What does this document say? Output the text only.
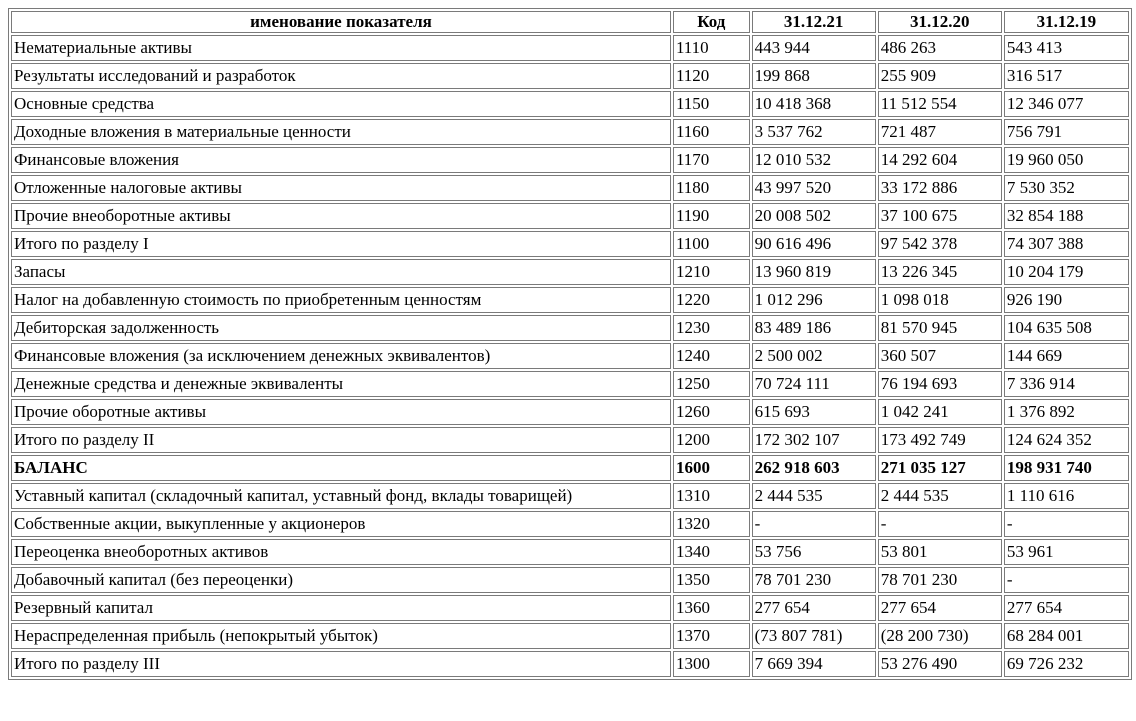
именование показателя	Код	31.12.21	31.12.20	31.12.19
Нематериальные активы	1110	443 944	486 263	543 413
Результаты исследований и разработок	1120	199 868	255 909	316 517
Основные средства	1150	10 418 368	11 512 554	12 346 077
Доходные вложения в материальные ценности	1160	3 537 762	721 487	756 791
Финансовые вложения	1170	12 010 532	14 292 604	19 960 050
Отложенные налоговые активы	1180	43 997 520	33 172 886	7 530 352
Прочие внеоборотные активы	1190	20 008 502	37 100 675	32 854 188
Итого по разделу I	1100	90 616 496	97 542 378	74 307 388
Запасы	1210	13 960 819	13 226 345	10 204 179
Налог на добавленную стоимость по приобретенным ценностям	1220	1 012 296	1 098 018	926 190
Дебиторская задолженность	1230	83 489 186	81 570 945	104 635 508
Финансовые вложения (за исключением денежных эквивалентов)	1240	2 500 002	360 507	144 669
Денежные средства и денежные эквиваленты	1250	70 724 111	76 194 693	7 336 914
Прочие оборотные активы	1260	615 693	1 042 241	1 376 892
Итого по разделу II	1200	172 302 107	173 492 749	124 624 352
БАЛАНС	1600	262 918 603	271 035 127	198 931 740
Уставный капитал (складочный капитал, уставный фонд, вклады товарищей)	1310	2 444 535	2 444 535	1 110 616
Собственные акции, выкупленные у акционеров	1320	-	-	-
Переоценка внеоборотных активов	1340	53 756	53 801	53 961
Добавочный капитал (без переоценки)	1350	78 701 230	78 701 230	-
Резервный капитал	1360	277 654	277 654	277 654
Нераспределенная прибыль (непокрытый убыток)	1370	(73 807 781)	(28 200 730)	68 284 001
Итого по разделу III	1300	7 669 394	53 276 490	69 726 232
